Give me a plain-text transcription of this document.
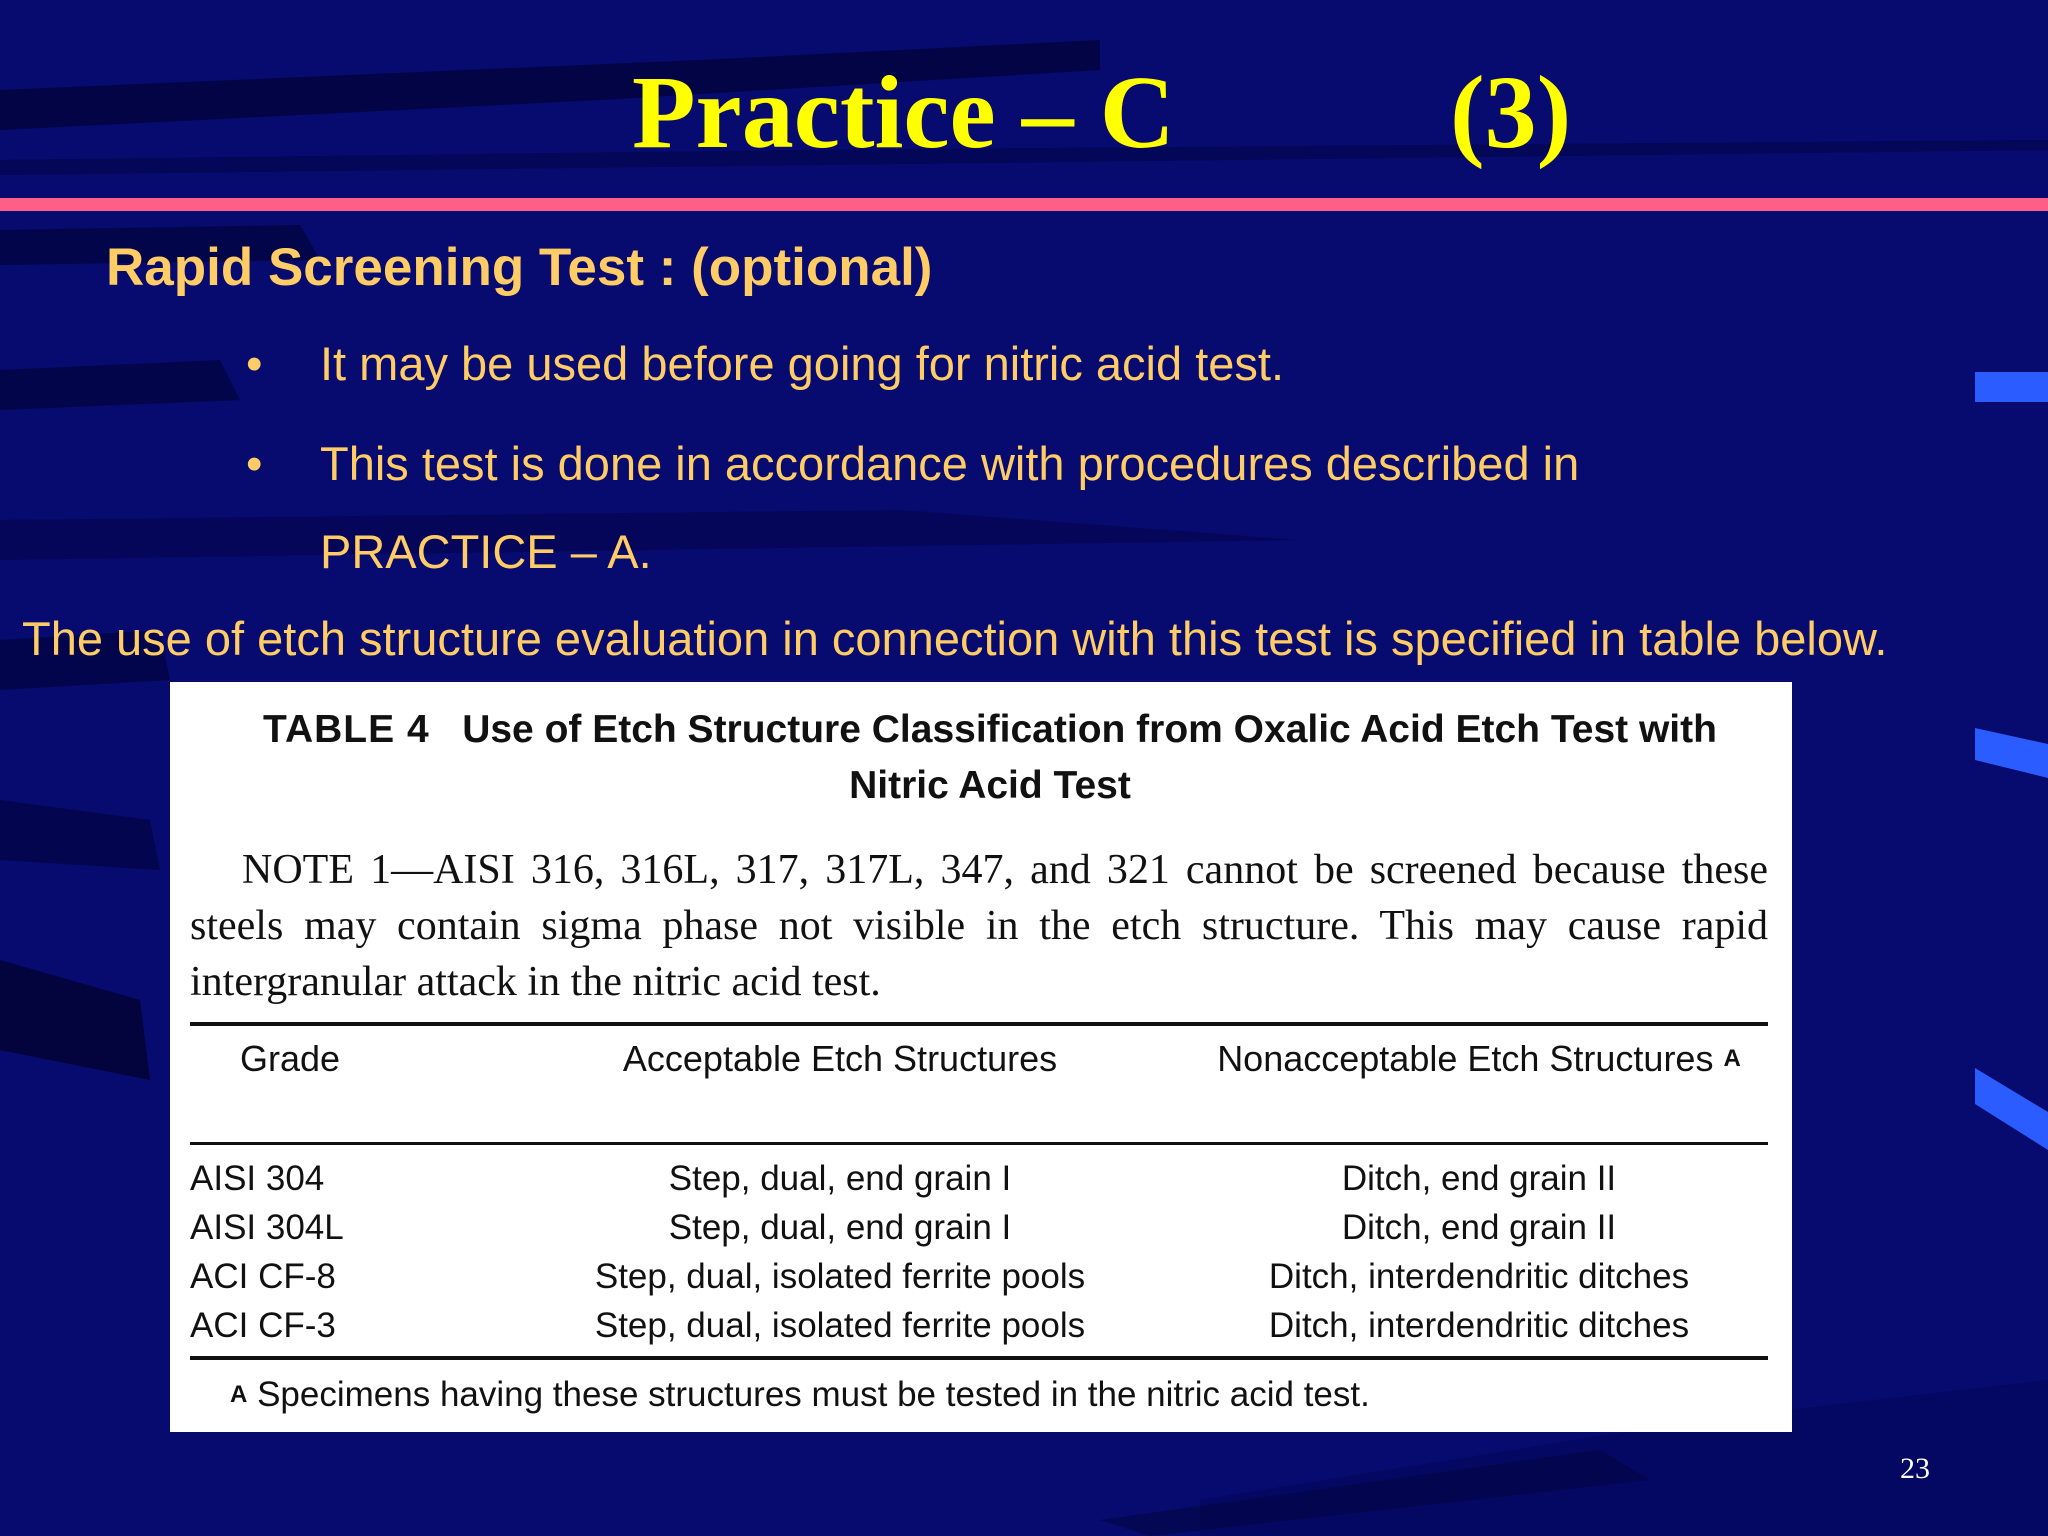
Practice – C	(3)
Rapid Screening Test : (optional)
•	It may be used before going for nitric acid test.
•	This test is done in accordance with procedures described in PRACTICE – A.
The use of etch structure evaluation in connection with this test is specified in table below.
TABLE 4 Use of Etch Structure Classification from Oxalic Acid Etch Test with Nitric Acid Test
NOTE 1—AISI 316, 316L, 317, 317L, 347, and 321 cannot be screened because these steels may contain sigma phase not visible in the etch structure. This may cause rapid intergranular attack in the nitric acid test.
Grade	Acceptable Etch Structures	Nonacceptable Etch Structures $^A$
AISI 304	Step, dual, end grain I	Ditch, end grain II
AISI 304L	Step, dual, end grain I	Ditch, end grain II
ACI CF-8	Step, dual, isolated ferrite pools	Ditch, interdendritic ditches
ACI CF-3	Step, dual, isolated ferrite pools	Ditch, interdendritic ditches
$^A$ Specimens having these structures must be tested in the nitric acid test.
23
